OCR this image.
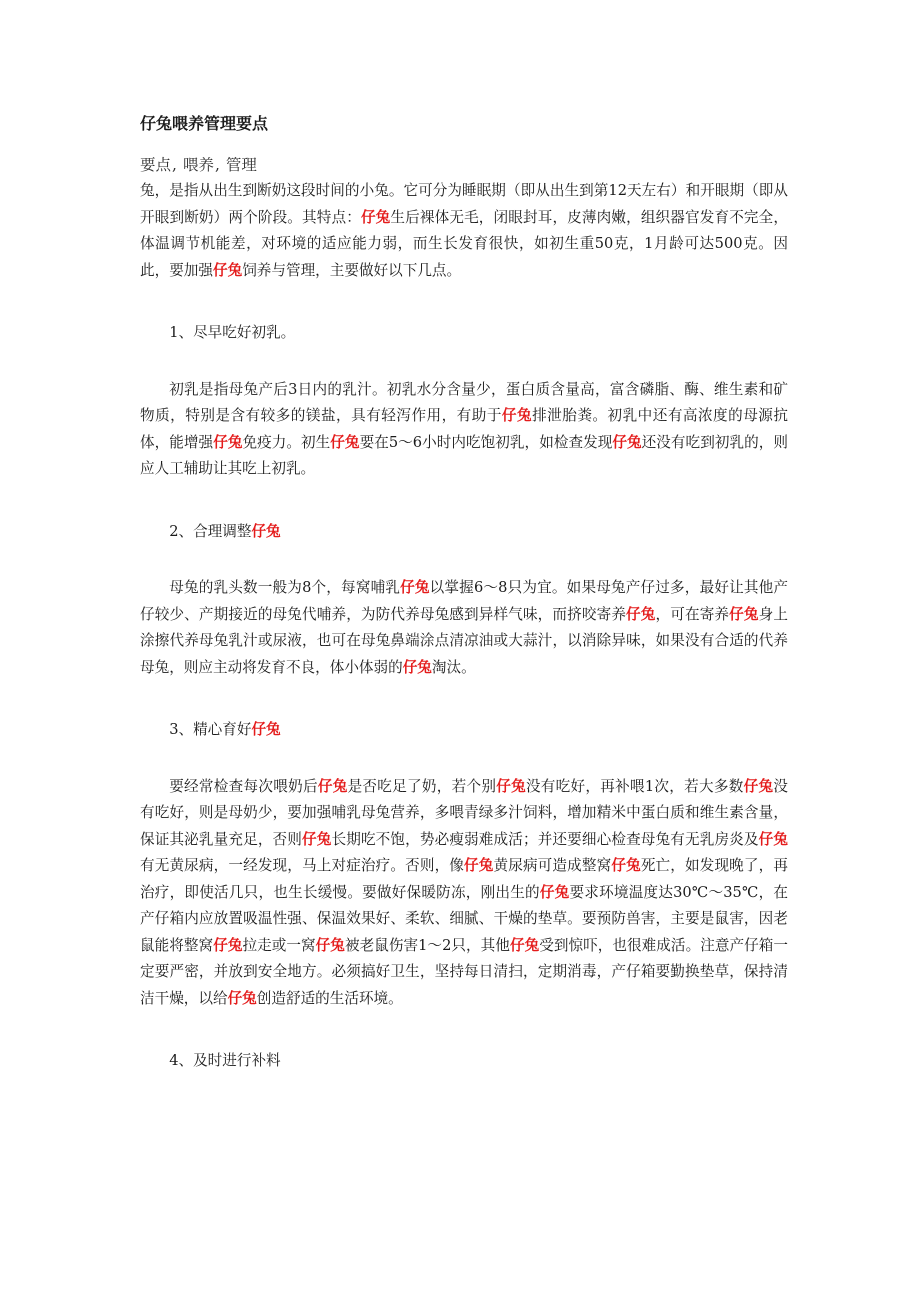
仔兔喂养管理要点

要点, 喂养, 管理

兔，是指从出生到断奶这段时间的小兔。它可分为睡眠期（即从出生到第12天左右）和开眼期（即从开眼到断奶）两个阶段。其特点：仔兔生后裸体无毛，闭眼封耳，皮薄肉嫩，组织器官发育不完全，体温调节机能差，对环境的适应能力弱，而生长发育很快，如初生重50克，1月龄可达500克。因此，要加强仔兔饲养与管理，主要做好以下几点。

1、尽早吃好初乳。

初乳是指母兔产后3日内的乳汁。初乳水分含量少，蛋白质含量高，富含磷脂、酶、维生素和矿物质，特别是含有较多的镁盐，具有轻泻作用，有助于仔兔排泄胎粪。初乳中还有高浓度的母源抗体，能增强仔兔免疫力。初生仔兔要在5～6小时内吃饱初乳，如检查发现仔兔还没有吃到初乳的，则应人工辅助让其吃上初乳。

2、合理调整仔兔

母兔的乳头数一般为8个，每窝哺乳仔兔以掌握6～8只为宜。如果母兔产仔过多，最好让其他产仔较少、产期接近的母兔代哺养，为防代养母兔感到异样气味，而挤咬寄养仔兔，可在寄养仔兔身上涂擦代养母兔乳汁或尿液，也可在母兔鼻端涂点清凉油或大蒜汁，以消除异味，如果没有合适的代养母兔，则应主动将发育不良，体小体弱的仔兔淘汰。

3、精心育好仔兔

要经常检查每次喂奶后仔兔是否吃足了奶，若个别仔兔没有吃好，再补喂1次，若大多数仔兔没有吃好，则是母奶少，要加强哺乳母兔营养，多喂青绿多汁饲料，增加精米中蛋白质和维生素含量，保证其泌乳量充足，否则仔兔长期吃不饱，势必瘦弱难成活；并还要细心检查母兔有无乳房炎及仔兔有无黄尿病，一经发现，马上对症治疗。否则，像仔兔黄尿病可造成整窝仔兔死亡，如发现晚了，再治疗，即使活几只，也生长缓慢。要做好保暖防冻，刚出生的仔兔要求环境温度达30℃～35℃，在产仔箱内应放置吸温性强、保温效果好、柔软、细腻、干燥的垫草。要预防兽害，主要是鼠害，因老鼠能将整窝仔兔拉走或一窝仔兔被老鼠伤害1～2只，其他仔兔受到惊吓，也很难成活。注意产仔箱一定要严密，并放到安全地方。必须搞好卫生，坚持每日清扫，定期消毒，产仔箱要勤换垫草，保持清洁干燥，以给仔兔创造舒适的生活环境。

4、及时进行补料
